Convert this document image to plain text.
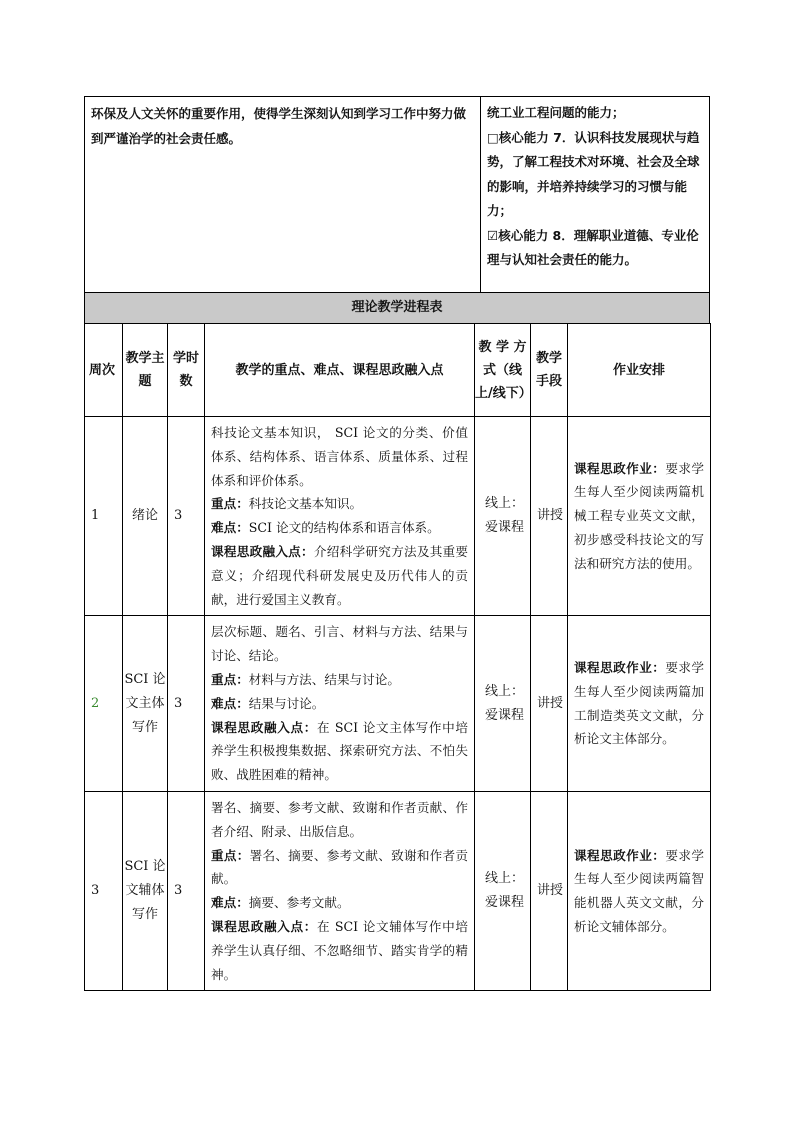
环保及人文关怀的重要作用，使得学生深刻认知到学习工作中努力做到严谨治学的社会责任感。

统工业工程问题的能力；

□核心能力 7．认识科技发展现状与趋势，了解工程技术对环境、社会及全球的影响，并培养持续学习的习惯与能力；

☑核心能力 8．理解职业道德、专业伦理与认知社会责任的能力。

理论教学进程表
周次	教学主题	学时数	教学的重点、难点、课程思政融入点	教 学 方式（线上/线下）	教学手段	作业安排
1	绪论	3	科技论文基本知识， SCI 论文的分类、价值体系、结构体系、语言体系、质量体系、过程体系和评价体系。
重点：科技论文基本知识。
难点：SCI 论文的结构体系和语言体系。
课程思政融入点：介绍科学研究方法及其重要意义；介绍现代科研发展史及历代伟人的贡献，进行爱国主义教育。	线上：爱课程	讲授	课程思政作业：要求学生每人至少阅读两篇机械工程专业英文文献，初步感受科技论文的写法和研究方法的使用。
2	SCI 论文主体写作	3	层次标题、题名、引言、材料与方法、结果与讨论、结论。
重点：材料与方法、结果与讨论。
难点：结果与讨论。
课程思政融入点：在 SCI 论文主体写作中培养学生积极搜集数据、探索研究方法、不怕失败、战胜困难的精神。	线上：爱课程	讲授	课程思政作业：要求学生每人至少阅读两篇加工制造类英文文献，分析论文主体部分。
3	SCI 论文辅体写作	3	署名、摘要、参考文献、致谢和作者贡献、作者介绍、附录、出版信息。
重点：署名、摘要、参考文献、致谢和作者贡献。
难点：摘要、参考文献。
课程思政融入点：在 SCI 论文辅体写作中培养学生认真仔细、不忽略细节、踏实肯学的精神。	线上：爱课程	讲授	课程思政作业：要求学生每人至少阅读两篇智能机器人英文文献，分析论文辅体部分。
